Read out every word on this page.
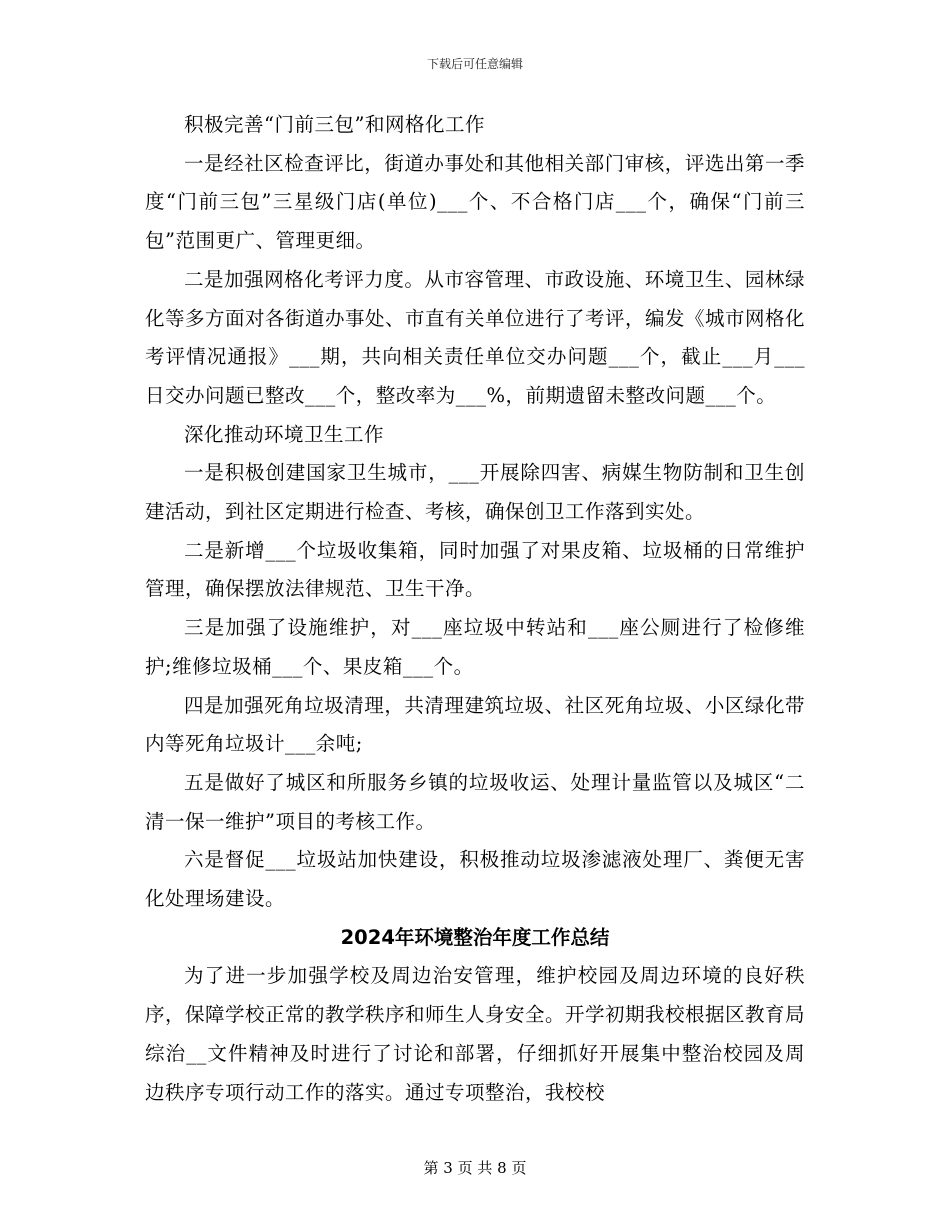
下载后可任意编辑

积极完善“门前三包”和网格化工作

一是经社区检查评比，街道办事处和其他相关部门审核，评选出第一季度“门前三包”三星级门店(单位)___个、不合格门店___个，确保“门前三包”范围更广、管理更细。

二是加强网格化考评力度。从市容管理、市政设施、环境卫生、园林绿化等多方面对各街道办事处、市直有关单位进行了考评，编发《城市网格化考评情况通报》___期，共向相关责任单位交办问题___个，截止___月___日交办问题已整改___个，整改率为___%，前期遗留未整改问题___个。

深化推动环境卫生工作

一是积极创建国家卫生城市，___开展除四害、病媒生物防制和卫生创建活动，到社区定期进行检查、考核，确保创卫工作落到实处。

二是新增___个垃圾收集箱，同时加强了对果皮箱、垃圾桶的日常维护管理，确保摆放法律规范、卫生干净。

三是加强了设施维护，对___座垃圾中转站和___座公厕进行了检修维护;维修垃圾桶___个、果皮箱___个。

四是加强死角垃圾清理，共清理建筑垃圾、社区死角垃圾、小区绿化带内等死角垃圾计___余吨;

五是做好了城区和所服务乡镇的垃圾收运、处理计量监管以及城区“二清一保一维护”项目的考核工作。

六是督促___垃圾站加快建设，积极推动垃圾渗滤液处理厂、粪便无害化处理场建设。

2024年环境整治年度工作总结

为了进一步加强学校及周边治安管理，维护校园及周边环境的良好秩序，保障学校正常的教学秩序和师生人身安全。开学初期我校根据区教育局综治__文件精神及时进行了讨论和部署，仔细抓好开展集中整治校园及周边秩序专项行动工作的落实。通过专项整治，我校校

第 3 页 共 8 页
